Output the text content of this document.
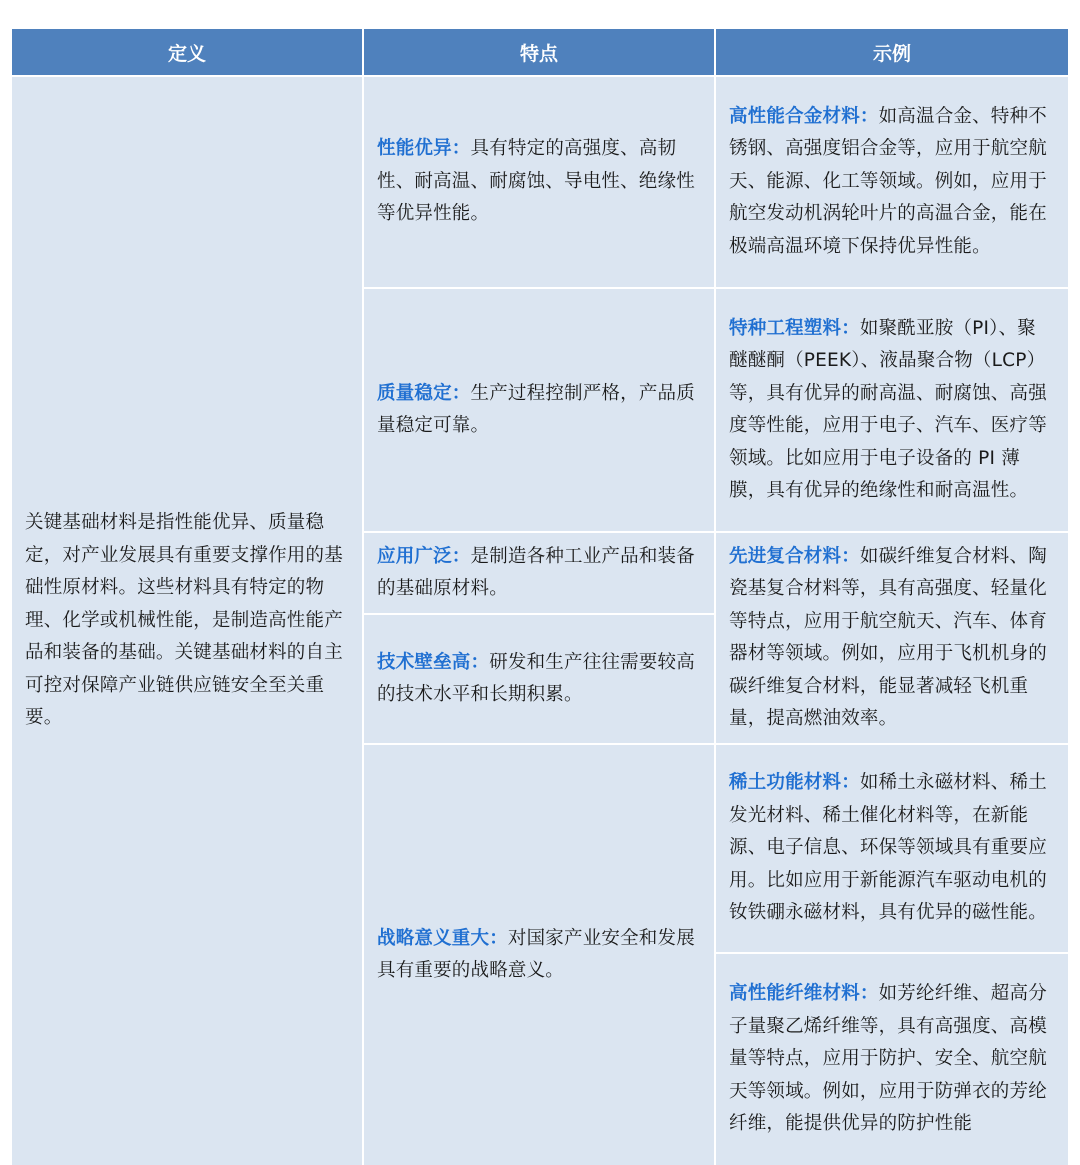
定义	特点	示例
关键基础材料是指性能优异、质量稳定，对产业发展具有重要支撑作用的基础性原材料。这些材料具有特定的物理、化学或机械性能，是制造高性能产品和装备的基础。关键基础材料的自主可控对保障产业链供应链安全至关重要。
性能优异：具有特定的高强度、高韧性、耐高温、耐腐蚀、导电性、绝缘性等优异性能。
质量稳定：生产过程控制严格，产品质量稳定可靠。
应用广泛：是制造各种工业产品和装备的基础原材料。
技术壁垒高：研发和生产往往需要较高的技术水平和长期积累。
战略意义重大：对国家产业安全和发展具有重要的战略意义。
高性能合金材料：如高温合金、特种不锈钢、高强度铝合金等，应用于航空航天、能源、化工等领域。例如，应用于航空发动机涡轮叶片的高温合金，能在极端高温环境下保持优异性能。
特种工程塑料：如聚酰亚胺（PI）、聚醚醚酮（PEEK）、液晶聚合物（LCP）等，具有优异的耐高温、耐腐蚀、高强度等性能，应用于电子、汽车、医疗等领域。比如应用于电子设备的 PI 薄膜，具有优异的绝缘性和耐高温性。
先进复合材料：如碳纤维复合材料、陶瓷基复合材料等，具有高强度、轻量化等特点，应用于航空航天、汽车、体育器材等领域。例如，应用于飞机机身的碳纤维复合材料，能显著减轻飞机重量，提高燃油效率。
稀土功能材料：如稀土永磁材料、稀土发光材料、稀土催化材料等，在新能源、电子信息、环保等领域具有重要应用。比如应用于新能源汽车驱动电机的钕铁硼永磁材料，具有优异的磁性能。
高性能纤维材料：如芳纶纤维、超高分子量聚乙烯纤维等，具有高强度、高模量等特点，应用于防护、安全、航空航天等领域。例如，应用于防弹衣的芳纶纤维，能提供优异的防护性能
